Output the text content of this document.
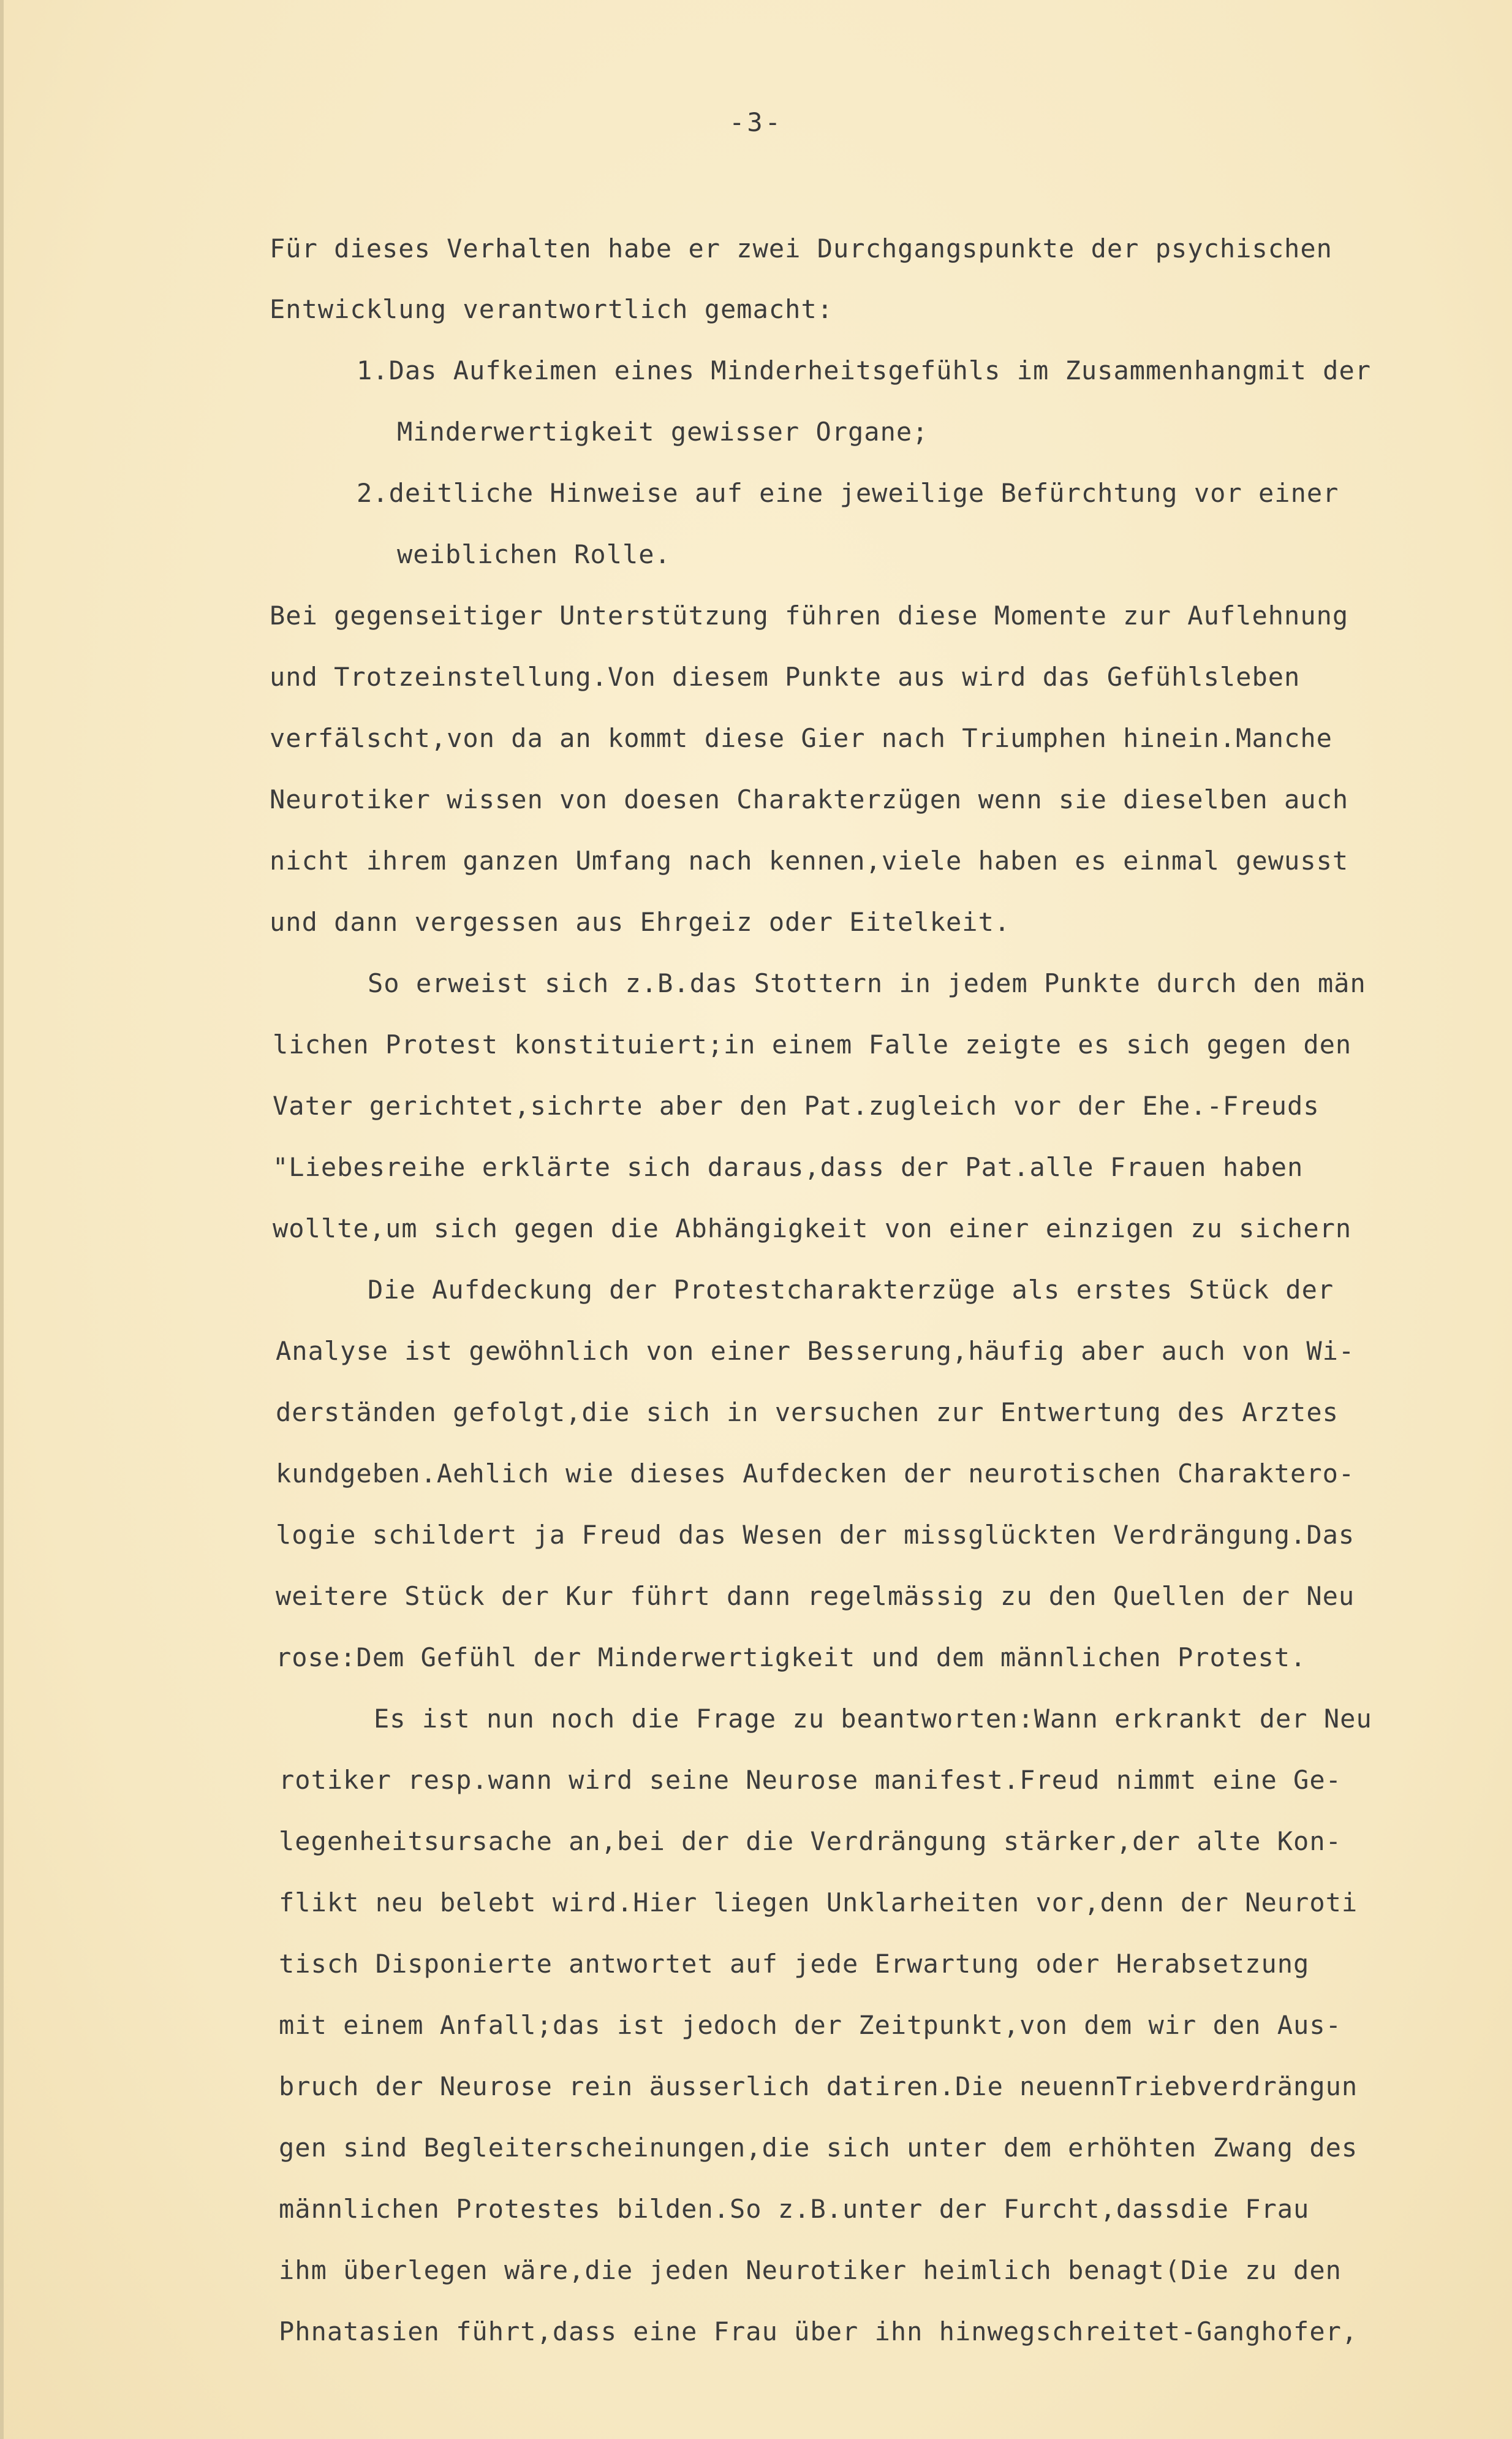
-3-
Für dieses Verhalten habe er zwei Durchgangspunkte der psychischen
Entwicklung verantwortlich gemacht:
1.Das Aufkeimen eines Minderheitsgefühls im Zusammenhangmit der
Minderwertigkeit gewisser Organe;
2.deitliche Hinweise auf eine jeweilige Befürchtung vor einer
weiblichen Rolle.
Bei gegenseitiger Unterstützung führen diese Momente zur Auflehnung
und Trotzeinstellung.Von diesem Punkte aus wird das Gefühlsleben
verfälscht,von da an kommt diese Gier nach Triumphen hinein.Manche
Neurotiker wissen von doesen Charakterzügen wenn sie dieselben auch
nicht ihrem ganzen Umfang nach kennen,viele haben es einmal gewusst
und dann vergessen aus Ehrgeiz oder Eitelkeit.
So erweist sich z.B.das Stottern in jedem Punkte durch den män
lichen Protest konstituiert;in einem Falle zeigte es sich gegen den
Vater gerichtet,sichrte aber den Pat.zugleich vor der Ehe.-Freuds
"Liebesreihe erklärte sich daraus,dass der Pat.alle Frauen haben
wollte,um sich gegen die Abhängigkeit von einer einzigen zu sichern
Die Aufdeckung der Protestcharakterzüge als erstes Stück der
Analyse ist gewöhnlich von einer Besserung,häufig aber auch von Wi-
derständen gefolgt,die sich in versuchen zur Entwertung des Arztes
kundgeben.Aehlich wie dieses Aufdecken der neurotischen Charaktero-
logie schildert ja Freud das Wesen der missglückten Verdrängung.Das
weitere Stück der Kur führt dann regelmässig zu den Quellen der Neu
rose:Dem Gefühl der Minderwertigkeit und dem männlichen Protest.
Es ist nun noch die Frage zu beantworten:Wann erkrankt der Neu
rotiker resp.wann wird seine Neurose manifest.Freud nimmt eine Ge-
legenheitsursache an,bei der die Verdrängung stärker,der alte Kon-
flikt neu belebt wird.Hier liegen Unklarheiten vor,denn der Neuroti
tisch Disponierte antwortet auf jede Erwartung oder Herabsetzung
mit einem Anfall;das ist jedoch der Zeitpunkt,von dem wir den Aus-
bruch der Neurose rein äusserlich datiren.Die neuennTriebverdrängun
gen sind Begleiterscheinungen,die sich unter dem erhöhten Zwang des
männlichen Protestes bilden.So z.B.unter der Furcht,dassdie Frau
ihm überlegen wäre,die jeden Neurotiker heimlich benagt(Die zu den
Phnatasien führt,dass eine Frau über ihn hinwegschreitet-Ganghofer,
